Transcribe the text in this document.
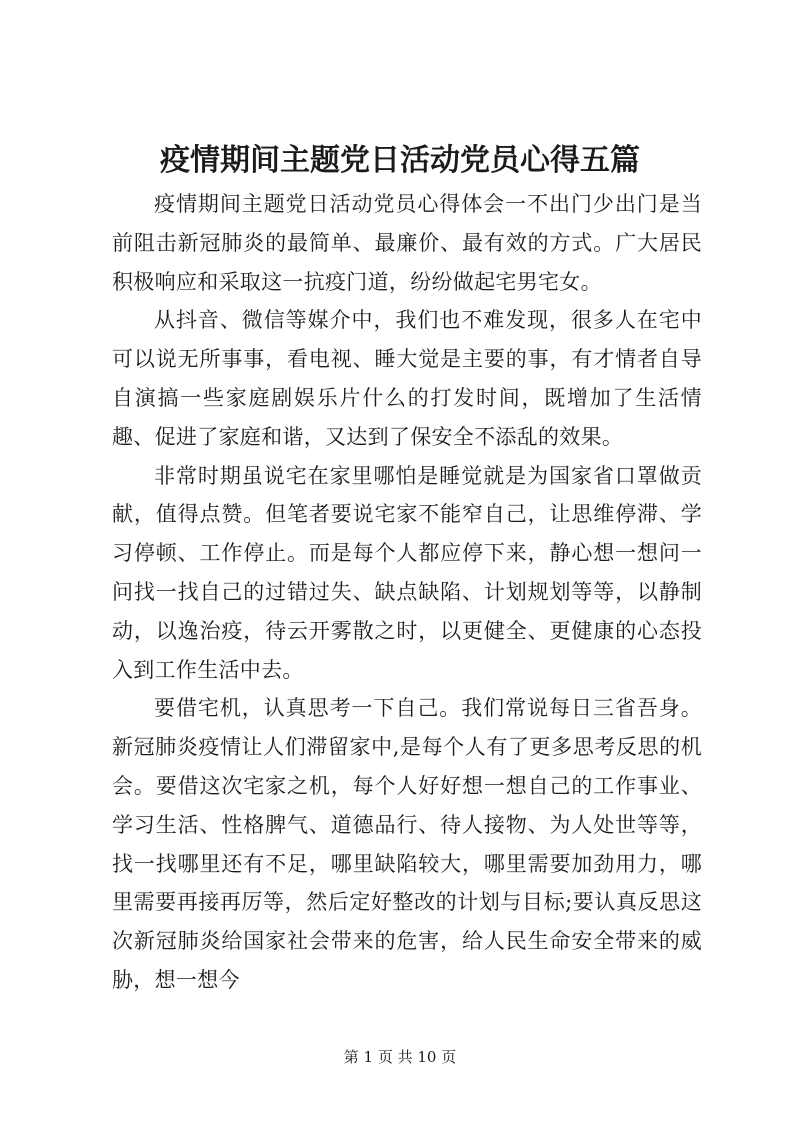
疫情期间主题党日活动党员心得五篇

疫情期间主题党日活动党员心得体会一不出门少出门是当前阻击新冠肺炎的最简单、最廉价、最有效的方式。广大居民积极响应和采取这一抗疫门道，纷纷做起宅男宅女。

从抖音、微信等媒介中，我们也不难发现，很多人在宅中可以说无所事事，看电视、睡大觉是主要的事，有才情者自导自演搞一些家庭剧娱乐片什么的打发时间，既增加了生活情趣、促进了家庭和谐，又达到了保安全不添乱的效果。

非常时期虽说宅在家里哪怕是睡觉就是为国家省口罩做贡献，值得点赞。但笔者要说宅家不能窄自己，让思维停滞、学习停顿、工作停止。而是每个人都应停下来，静心想一想问一问找一找自己的过错过失、缺点缺陷、计划规划等等，以静制动，以逸治疫，待云开雾散之时，以更健全、更健康的心态投入到工作生活中去。

要借宅机，认真思考一下自己。我们常说每日三省吾身。新冠肺炎疫情让人们滞留家中,是每个人有了更多思考反思的机会。要借这次宅家之机，每个人好好想一想自己的工作事业、学习生活、性格脾气、道德品行、待人接物、为人处世等等，找一找哪里还有不足，哪里缺陷较大，哪里需要加劲用力，哪里需要再接再厉等，然后定好整改的计划与目标;要认真反思这次新冠肺炎给国家社会带来的危害，给人民生命安全带来的威胁，想一想今

第 1 页 共 10 页
